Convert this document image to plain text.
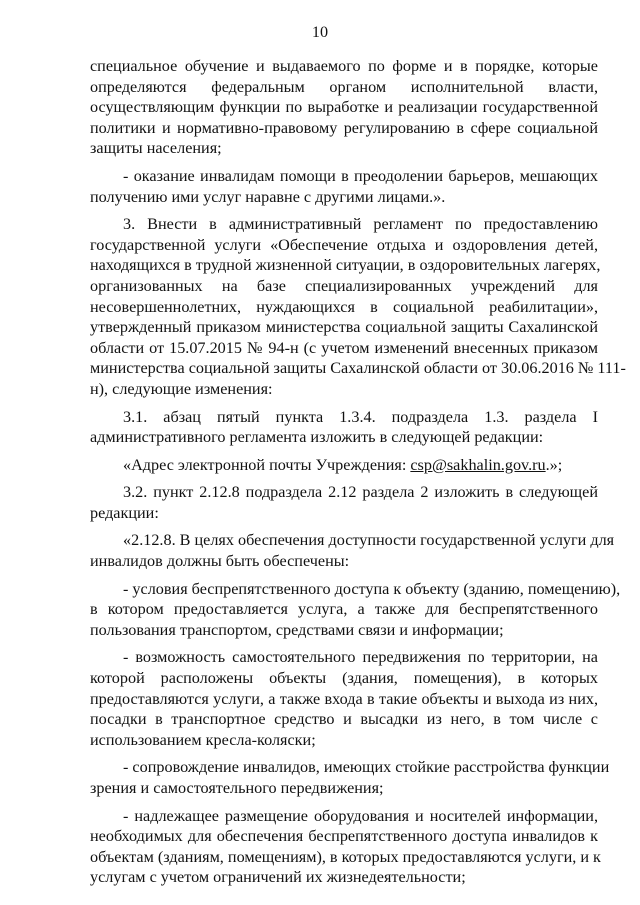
10

специальное обучение и выдаваемого по форме и в порядке, которые

определяются федеральным органом исполнительной власти,

осуществляющим функции по выработке и реализации государственной

политики и нормативно-правовому регулированию в сфере социальной

защиты населения;

- оказание инвалидам помощи в преодолении барьеров, мешающих

получению ими услуг наравне с другими лицами.».

3. Внести в административный регламент по предоставлению

государственной услуги «Обеспечение отдыха и оздоровления детей,

находящихся в трудной жизненной ситуации, в оздоровительных лагерях,

организованных на базе специализированных учреждений для

несовершеннолетних, нуждающихся в социальной реабилитации»,

утвержденный приказом министерства социальной защиты Сахалинской

области от 15.07.2015 № 94-н (с учетом изменений внесенных приказом

министерства социальной защиты Сахалинской области от 30.06.2016 № 111-

н), следующие изменения:

3.1. абзац пятый пункта 1.3.4. подраздела 1.3. раздела I

административного регламента изложить в следующей редакции:

«Адрес электронной почты Учреждения: csp@sakhalin.gov.ru.»;

3.2. пункт 2.12.8 подраздела 2.12 раздела 2 изложить в следующей

редакции:

«2.12.8. В целях обеспечения доступности государственной услуги для

инвалидов должны быть обеспечены:

- условия беспрепятственного доступа к объекту (зданию, помещению),

в котором предоставляется услуга, а также для беспрепятственного

пользования транспортом, средствами связи и информации;

- возможность самостоятельного передвижения по территории, на

которой расположены объекты (здания, помещения), в которых

предоставляются услуги, а также входа в такие объекты и выхода из них,

посадки в транспортное средство и высадки из него, в том числе с

использованием кресла-коляски;

- сопровождение инвалидов, имеющих стойкие расстройства функции

зрения и самостоятельного передвижения;

- надлежащее размещение оборудования и носителей информации,

необходимых для обеспечения беспрепятственного доступа инвалидов к

объектам (зданиям, помещениям), в которых предоставляются услуги, и к

услугам с учетом ограничений их жизнедеятельности;
